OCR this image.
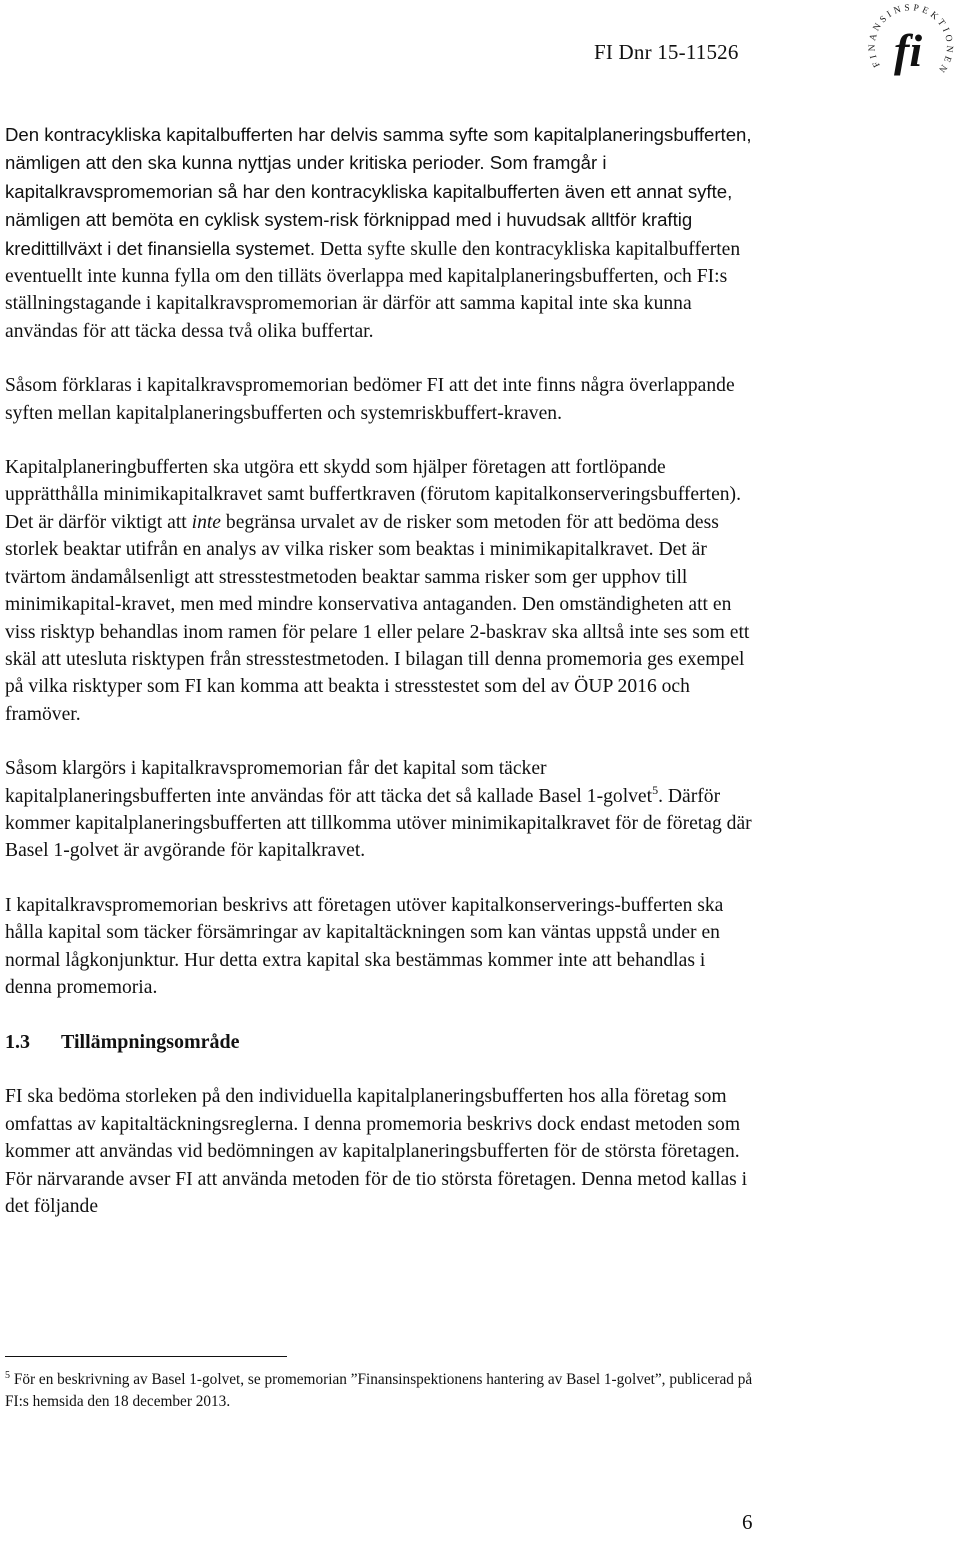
FI Dnr 15-11526	FINANSINSPEKTIONEN
fi

Den kontracykliska kapitalbufferten har delvis samma syfte som kapitalplaneringsbufferten, nämligen att den ska kunna nyttjas under kritiska perioder. Som framgår i kapitalkravspromemorian så har den kontracykliska kapitalbufferten även ett annat syfte, nämligen att bemöta en cyklisk system-risk förknippad med i huvudsak alltför kraftig kredittillväxt i det finansiella systemet. Detta syfte skulle den kontracykliska kapitalbufferten eventuellt inte kunna fylla om den tilläts överlappa med kapitalplaneringsbufferten, och FI:s ställningstagande i kapitalkravspromemorian är därför att samma kapital inte ska kunna användas för att täcka dessa två olika buffertar.

Såsom förklaras i kapitalkravspromemorian bedömer FI att det inte finns några överlappande syften mellan kapitalplaneringsbufferten och systemriskbuffert-kraven.

Kapitalplaneringbufferten ska utgöra ett skydd som hjälper företagen att fortlöpande upprätthålla minimikapitalkravet samt buffertkraven (förutom kapitalkonserveringsbufferten). Det är därför viktigt att inte begränsa urvalet av de risker som metoden för att bedöma dess storlek beaktar utifrån en analys av vilka risker som beaktas i minimikapitalkravet. Det är tvärtom ändamålsenligt att stresstestmetoden beaktar samma risker som ger upphov till minimikapital-kravet, men med mindre konservativa antaganden. Den omständigheten att en viss risktyp behandlas inom ramen för pelare 1 eller pelare 2-baskrav ska alltså inte ses som ett skäl att utesluta risktypen från stresstestmetoden. I bilagan till denna promemoria ges exempel på vilka risktyper som FI kan komma att beakta i stresstestet som del av ÖUP 2016 och framöver.

Såsom klargörs i kapitalkravspromemorian får det kapital som täcker kapitalplaneringsbufferten inte användas för att täcka det så kallade Basel 1-golvet$^5$. Därför kommer kapitalplaneringsbufferten att tillkomma utöver minimikapitalkravet för de företag där Basel 1-golvet är avgörande för kapitalkravet.

I kapitalkravspromemorian beskrivs att företagen utöver kapitalkonserverings-bufferten ska hålla kapital som täcker försämringar av kapitaltäckningen som kan väntas uppstå under en normal lågkonjunktur. Hur detta extra kapital ska bestämmas kommer inte att behandlas i denna promemoria.

1.3	Tillämpningsområde

FI ska bedöma storleken på den individuella kapitalplaneringsbufferten hos alla företag som omfattas av kapitaltäckningsreglerna. I denna promemoria beskrivs dock endast metoden som kommer att användas vid bedömningen av kapitalplaneringsbufferten för de största företagen. För närvarande avser FI att använda metoden för de tio största företagen. Denna metod kallas i det följande

$^5$ För en beskrivning av Basel 1-golvet, se promemorian ”Finansinspektionens hantering av Basel 1-golvet”, publicerad på FI:s hemsida den 18 december 2013.

6
